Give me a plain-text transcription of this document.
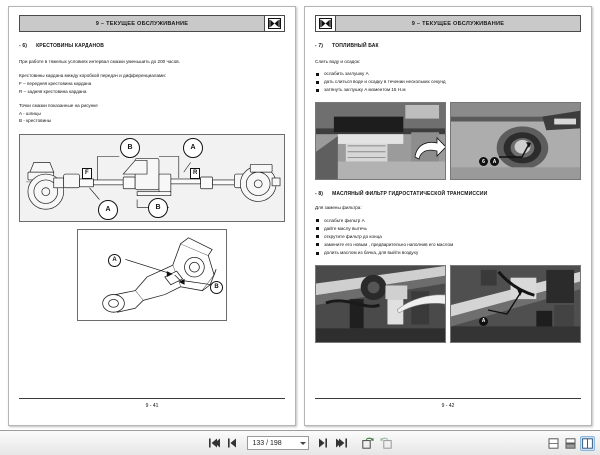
9 – ТЕКУЩЕЕ ОБСЛУЖИВАНИЕ
- 6) КРЕСТОВИНЫ КАРДАНОВ
При работе в тяжелых условиях интервал смазки уменьшить до 200 часов.
Крестовины кардана между коробкой передач и дифференциалами:
F – передняя крестовина кардана
R – задняя крестовина кардана
Точки смазки показанные на рисунке
A - шлицы
B - крестовины
B	A
F	R
A	B
A
B
9 - 41
9 – ТЕКУЩЕЕ ОБСЛУЖИВАНИЕ
- 7) ТОПЛИВНЫЙ БАК
Слить воду и осадок:
ослабить заглушку A
дать слиться воде и осадку в течении нескольких секунд
затянуть заглушку A моментом 15 Н.м
6	A
- 8) МАСЛЯНЫЙ ФИЛЬТР ГИДРОСТАТИЧЕСКОЙ ТРАНСМИССИИ
Для замены фильтра:
ослабьте фильтр A
дайте маслу вытечь
открутите фильтр до конца
замените его новым , предварительно наполнив его маслом
долить маслом из бачка, для выйти воздуху
A
9 - 42
133 / 198
